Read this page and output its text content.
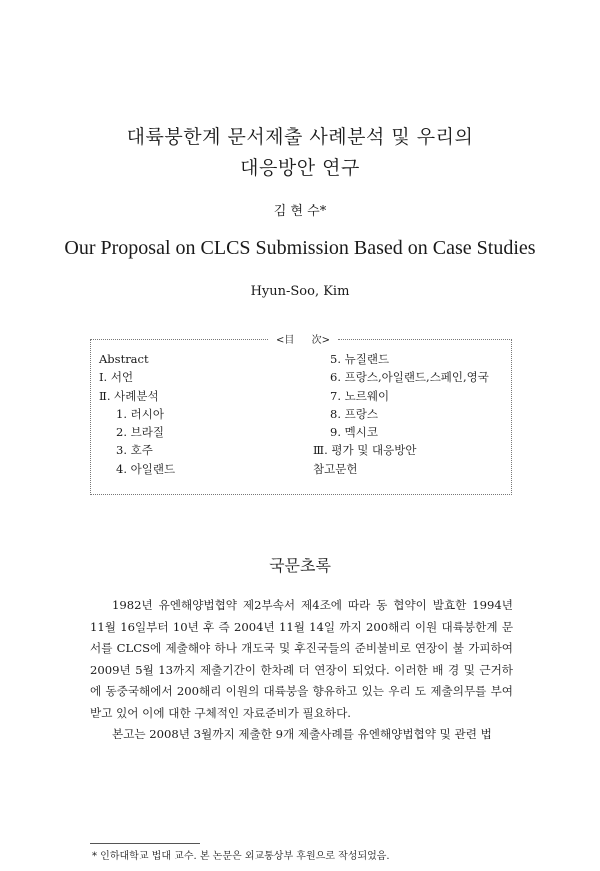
대륙붕한계 문서제출 사례분석 및 우리의
대응방안 연구
김 현 수*
Our Proposal on CLCS Submission Based on Case Studies
Hyun-Soo, Kim
<目 次>
Abstract
Ⅰ. 서언
Ⅱ. 사례분석
1. 러시아
2. 브라질
3. 호주
4. 아일랜드
5. 뉴질랜드
6. 프랑스,아일랜드,스페인,영국
7. 노르웨이
8. 프랑스
9. 멕시코
Ⅲ. 평가 및 대응방안
참고문헌
국문초록

1982년 유엔해양법협약 제2부속서 제4조에 따라 동 협약이 발효한 1994년 11월 16일부터 10년 후 즉 2004년 11월 14일 까지 200해리 이원 대륙붕한계 문서를 CLCS에 제출해야 하나 개도국 및 후진국들의 준비불비로 연장이 불 가피하여 2009년 5월 13까지 제출기간이 한차례 더 연장이 되었다. 이러한 배 경 및 근거하에 동중국해에서 200해리 이원의 대륙붕을 향유하고 있는 우리 도 제출의무를 부여받고 있어 이에 대한 구체적인 자료준비가 필요하다.

본고는 2008년 3월까지 제출한 9개 제출사례를 유엔해양법협약 및 관련 법

* 인하대학교 법대 교수. 본 논문은 외교통상부 후원으로 작성되었음.
